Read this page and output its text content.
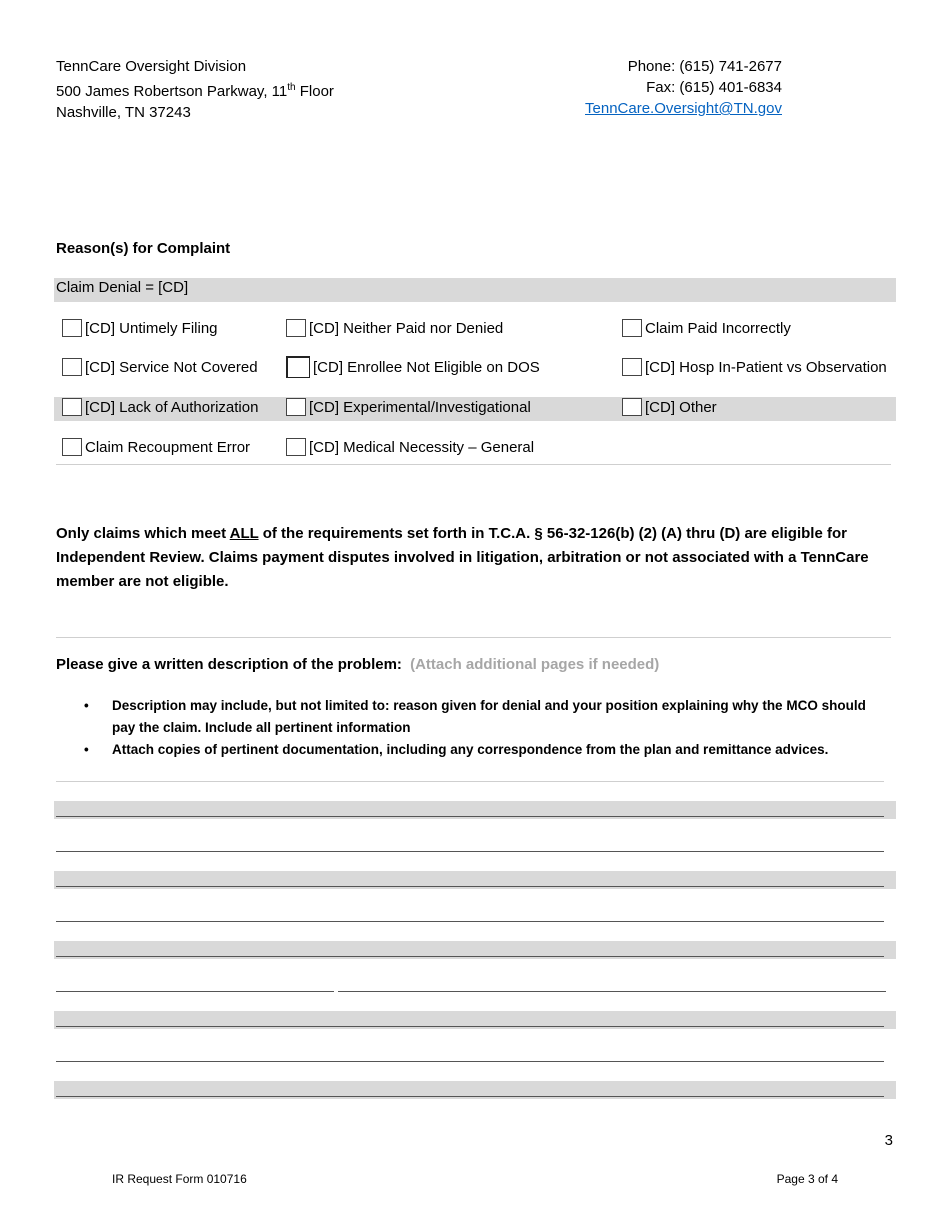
TennCare Oversight Division
500 James Robertson Parkway, 11th Floor
Nashville, TN 37243
Phone: (615) 741-2677
Fax: (615) 401-6834
TennCare.Oversight@TN.gov
Reason(s) for Complaint
Claim Denial = [CD]
[CD] Untimely Filing	[CD] Neither Paid nor Denied	Claim Paid Incorrectly
[CD] Service Not Covered	[CD] Enrollee Not Eligible on DOS	[CD] Hosp In-Patient vs Observation
[CD] Lack of Authorization	[CD] Experimental/Investigational	[CD] Other
Claim Recoupment Error	[CD] Medical Necessity – General
Only claims which meet ALL of the requirements set forth in T.C.A. § 56-32-126(b) (2) (A) thru (D) are eligible for Independent Review. Claims payment disputes involved in litigation, arbitration or not associated with a TennCare member are not eligible.
Please give a written description of the problem: (Attach additional pages if needed)
• Description may include, but not limited to: reason given for denial and your position explaining why the MCO should pay the claim. Include all pertinent information
• Attach copies of pertinent documentation, including any correspondence from the plan and remittance advices.
3
IR Request Form 010716	Page 3 of 4
